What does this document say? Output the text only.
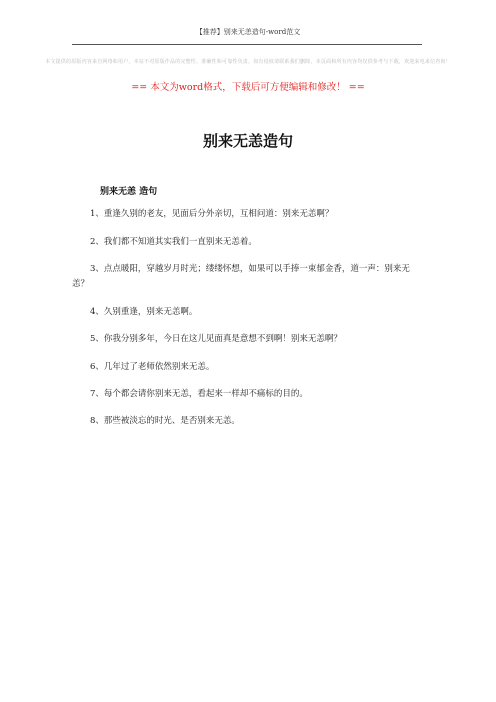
【推荐】别来无恙造句-word范文
本文提供的原版内容来自网络和用户，本站不对原版作品的完整性、准确性和可靠性负责。如有侵权请联系我们删除，本页面和所有内容均仅供参考与下载，欢迎来电来信咨询！
== 本文为word格式，下载后可方便编辑和修改！ ==
别来无恙造句
别来无恙 造句
1、重逢久别的老友，见面后分外亲切，互相问道：别来无恙啊？
2、我们都不知道其实我们一直别来无恙着。
3、点点暖阳，穿越岁月时光；缕缕怀想，如果可以手捧一束郁金香，道一声：别来无恙？
4、久别重逢，别来无恙啊。
5、你我分别多年，今日在这儿见面真是意想不到啊！别来无恙啊？
6、几年过了老师依然别来无恙。
7、每个都会请你别来无恙，看起来一样却不痛标的目的。
8、那些被淡忘的时光、是否别来无恙。
